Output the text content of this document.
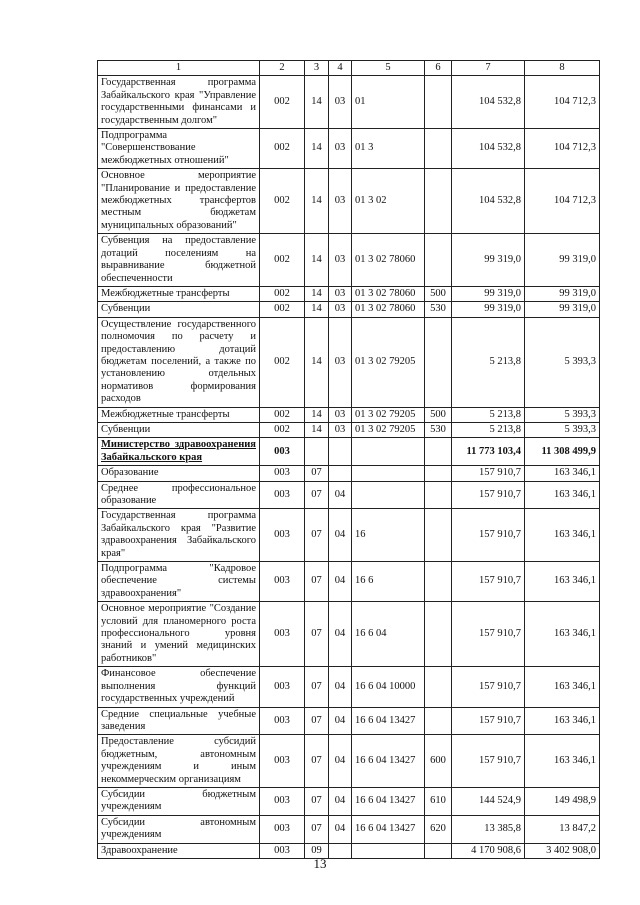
1	2	3	4	5	6	7	8
Государственная программа Забайкальского края "Управление государственными финансами и государственным долгом"	002	14	03	01		104 532,8	104 712,3
Подпрограмма "Совершенствование межбюджетных отношений"	002	14	03	01 3		104 532,8	104 712,3
Основное мероприятие "Планирование и предоставление межбюджетных трансфертов местным бюджетам муниципальных образований"	002	14	03	01 3 02		104 532,8	104 712,3
Субвенция на предоставление дотаций поселениям на выравнивание бюджетной обеспеченности	002	14	03	01 3 02 78060		99 319,0	99 319,0
Межбюджетные трансферты	002	14	03	01 3 02 78060	500	99 319,0	99 319,0
Субвенции	002	14	03	01 3 02 78060	530	99 319,0	99 319,0
Осуществление государственного полномочия по расчету и предоставлению дотаций бюджетам поселений, а также по установлению отдельных нормативов формирования расходов	002	14	03	01 3 02 79205		5 213,8	5 393,3
Межбюджетные трансферты	002	14	03	01 3 02 79205	500	5 213,8	5 393,3
Субвенции	002	14	03	01 3 02 79205	530	5 213,8	5 393,3
Министерство здравоохранения Забайкальского края	003					11 773 103,4	11 308 499,9
Образование	003	07				157 910,7	163 346,1
Среднее профессиональное образование	003	07	04			157 910,7	163 346,1
Государственная программа Забайкальского края "Развитие здравоохранения Забайкальского края"	003	07	04	16		157 910,7	163 346,1
Подпрограмма "Кадровое обеспечение системы здравоохранения"	003	07	04	16 6		157 910,7	163 346,1
Основное мероприятие "Создание условий для планомерного роста профессионального уровня знаний и умений медицинских работников"	003	07	04	16 6 04		157 910,7	163 346,1
Финансовое обеспечение выполнения функций государственных учреждений	003	07	04	16 6 04 10000		157 910,7	163 346,1
Средние специальные учебные заведения	003	07	04	16 6 04 13427		157 910,7	163 346,1
Предоставление субсидий бюджетным, автономным учреждениям и иным некоммерческим организациям	003	07	04	16 6 04 13427	600	157 910,7	163 346,1
Субсидии бюджетным учреждениям	003	07	04	16 6 04 13427	610	144 524,9	149 498,9
Субсидии автономным учреждениям	003	07	04	16 6 04 13427	620	13 385,8	13 847,2
Здравоохранение	003	09				4 170 908,6	3 402 908,0
13
